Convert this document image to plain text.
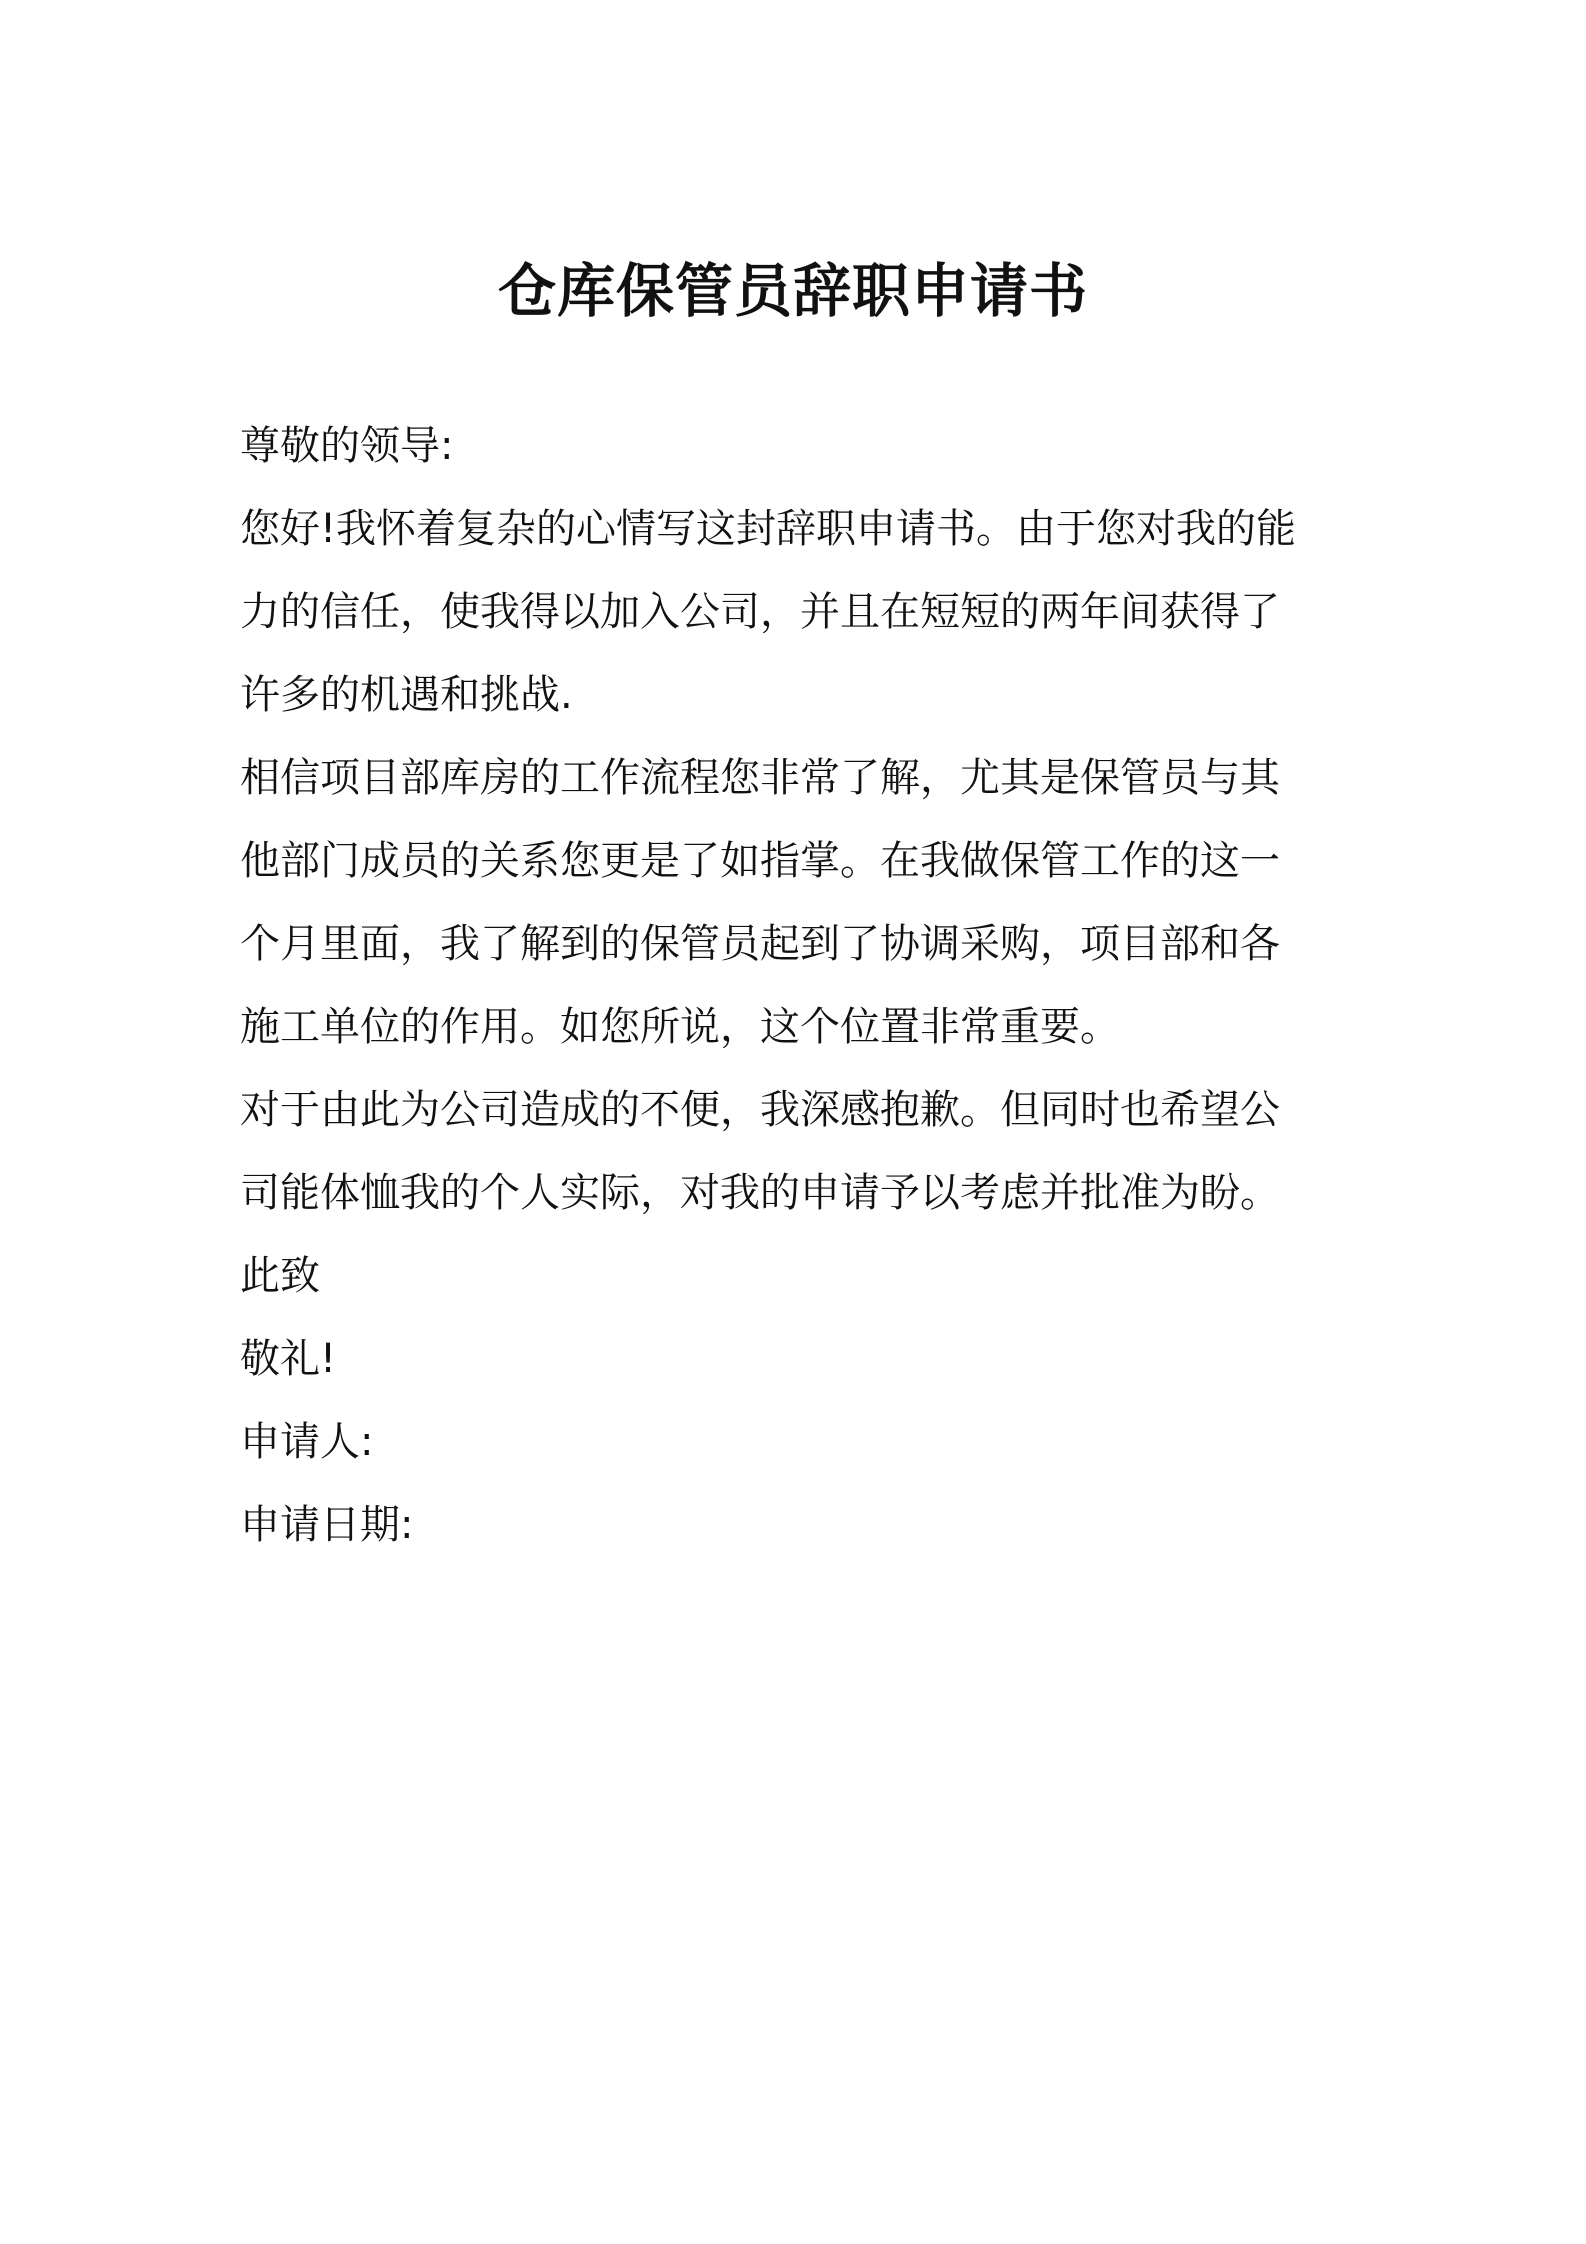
仓库保管员辞职申请书
尊敬的领导:
您好!我怀着复杂的心情写这封辞职申请书。由于您对我的能
力的信任，使我得以加入公司，并且在短短的两年间获得了
许多的机遇和挑战.
相信项目部库房的工作流程您非常了解，尤其是保管员与其
他部门成员的关系您更是了如指掌。在我做保管工作的这一
个月里面，我了解到的保管员起到了协调采购，项目部和各
施工单位的作用。如您所说，这个位置非常重要。
对于由此为公司造成的不便，我深感抱歉。但同时也希望公
司能体恤我的个人实际，对我的申请予以考虑并批准为盼。
此致
敬礼!
申请人:
申请日期:
